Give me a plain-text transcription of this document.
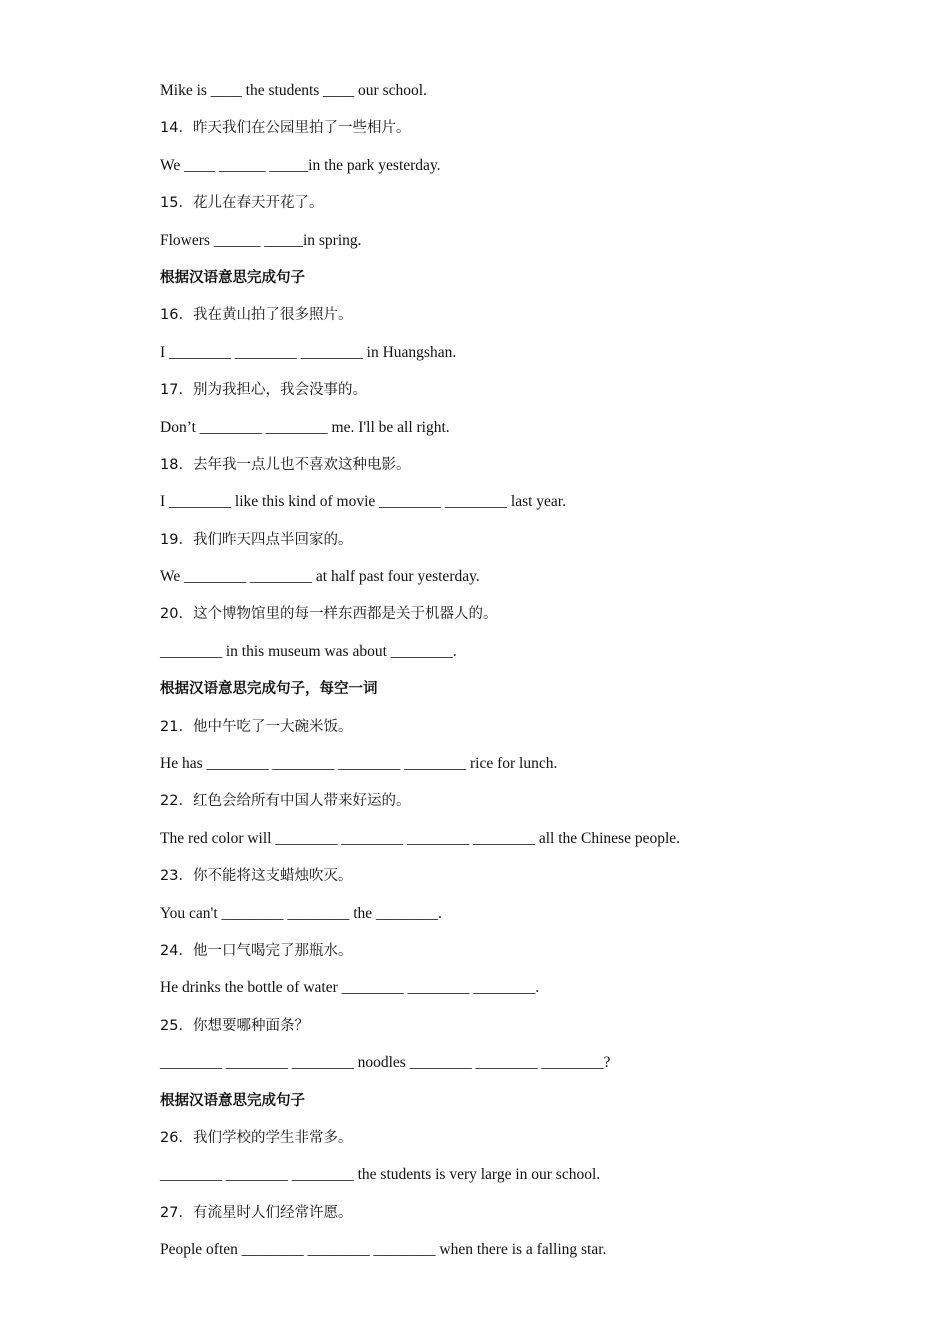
Mike is ____ the students ____ our school.
14．昨天我们在公园里拍了一些相片。
We ____ ______ _____in the park yesterday.
15．花儿在春天开花了。
Flowers ______ _____in spring.
根据汉语意思完成句子
16．我在黄山拍了很多照片。
I ________ ________ ________ in Huangshan.
17．别为我担心，我会没事的。
Don’t ________ ________ me. I'll be all right.
18．去年我一点儿也不喜欢这种电影。
I ________ like this kind of movie ________ ________ last year.
19．我们昨天四点半回家的。
We ________ ________ at half past four yesterday.
20．这个博物馆里的每一样东西都是关于机器人的。
________ in this museum was about ________.
根据汉语意思完成句子，每空一词
21．他中午吃了一大碗米饭。
He has ________ ________ ________ ________ rice for lunch.
22．红色会给所有中国人带来好运的。
The red color will ________ ________ ________ ________ all the Chinese people.
23．你不能将这支蜡烛吹灭。
You can't ________ ________ the ________.
24．他一口气喝完了那瓶水。
He drinks the bottle of water ________ ________ ________.
25．你想要哪种面条？
________ ________ ________ noodles ________ ________ ________?
根据汉语意思完成句子
26．我们学校的学生非常多。
________ ________ ________ the students is very large in our school.
27．有流星时人们经常许愿。
People often ________ ________ ________ when there is a falling star.
